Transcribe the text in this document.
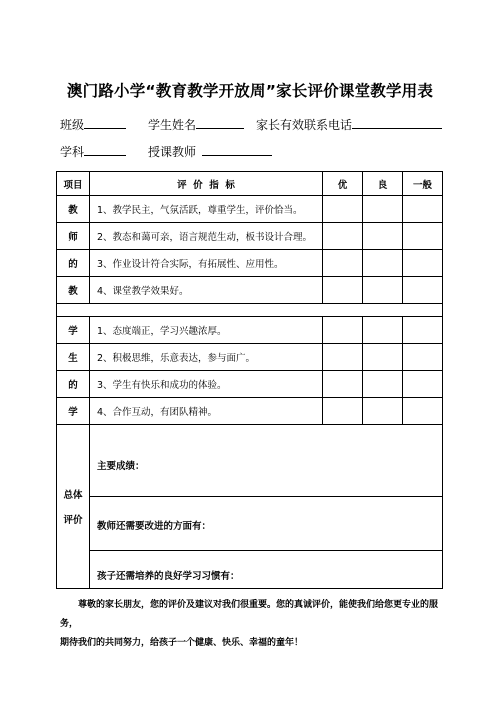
澳门路小学“教育教学开放周”家长评价课堂教学用表
班级	学生姓名	家长有效联系电话
学科	授课教师
项目	评  价  指  标	优	良	一般
教	1、教学民主，气氛活跃，尊重学生，评价恰当。			
师	2、教态和蔼可亲，语言规范生动，板书设计合理。			
的	3、作业设计符合实际，有拓展性、应用性。			
教	4、课堂教学效果好。			

学	1、态度端正，学习兴趣浓厚。			
生	2、积极思维，乐意表达，参与面广。			
的	3、学生有快乐和成功的体验。			
学	4、合作互动，有团队精神。			
总体

评价	主要成绩：			

	教师还需要改进的方面有：			

	孩子还需培养的良好学习习惯有：			
尊敬的家长朋友，您的评价及建议对我们很重要。您的真诚评价，能使我们给您更专业的服务，
期待我们的共同努力，给孩子一个健康、快乐、幸福的童年！
